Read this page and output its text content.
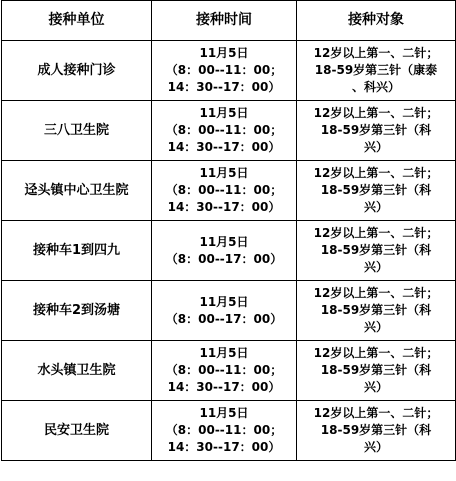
接种单位	接种时间	接种对象
成人接种门诊	11月5日
（8：00--11：00；
14：30--17：00）	12岁以上第一、二针；
18-59岁第三针（康泰
、科兴）

三八卫生院	11月5日
（8：00--11：00；
14：30--17：00）	12岁以上第一、二针；
18-59岁第三针（科
兴）

迳头镇中心卫生院	11月5日
（8：00--11：00；
14：30--17：00）	12岁以上第一、二针；
18-59岁第三针（科
兴）

接种车1到四九	11月5日
（8：00--17：00）	12岁以上第一、二针；
18-59岁第三针（科
兴）

接种车2到汤塘	11月5日
（8：00--17：00）	12岁以上第一、二针；
18-59岁第三针（科
兴）

水头镇卫生院	11月5日
（8：00--11：00；
14：30--17：00）	12岁以上第一、二针；
18-59岁第三针（科
兴）

民安卫生院	11月5日
（8：00--11：00；
14：30--17：00）	12岁以上第一、二针；
18-59岁第三针（科
兴）
